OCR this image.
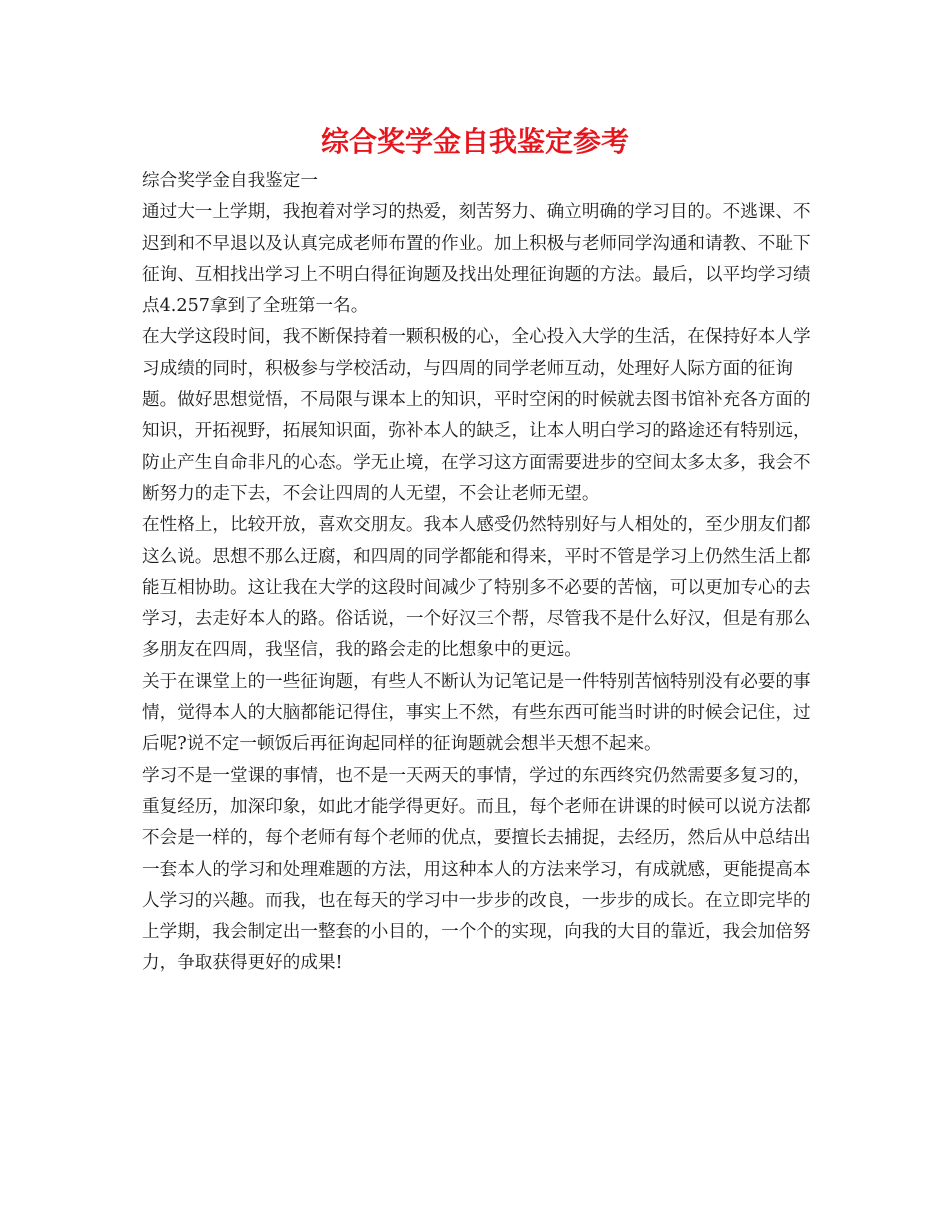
综合奖学金自我鉴定参考

综合奖学金自我鉴定一

通过大一上学期，我抱着对学习的热爱，刻苦努力、确立明确的学习目的。不逃课、不迟到和不早退以及认真完成老师布置的作业。加上积极与老师同学沟通和请教、不耻下征询、互相找出学习上不明白得征询题及找出处理征询题的方法。最后，以平均学习绩点4.257拿到了全班第一名。

在大学这段时间，我不断保持着一颗积极的心，全心投入大学的生活，在保持好本人学习成绩的同时，积极参与学校活动，与四周的同学老师互动，处理好人际方面的征询题。做好思想觉悟，不局限与课本上的知识，平时空闲的时候就去图书馆补充各方面的知识，开拓视野，拓展知识面，弥补本人的缺乏，让本人明白学习的路途还有特别远，防止产生自命非凡的心态。学无止境，在学习这方面需要进步的空间太多太多，我会不断努力的走下去，不会让四周的人无望，不会让老师无望。

在性格上，比较开放，喜欢交朋友。我本人感受仍然特别好与人相处的，至少朋友们都这么说。思想不那么迂腐，和四周的同学都能和得来，平时不管是学习上仍然生活上都能互相协助。这让我在大学的这段时间减少了特别多不必要的苦恼，可以更加专心的去学习，去走好本人的路。俗话说，一个好汉三个帮，尽管我不是什么好汉，但是有那么多朋友在四周，我坚信，我的路会走的比想象中的更远。

关于在课堂上的一些征询题，有些人不断认为记笔记是一件特别苦恼特别没有必要的事情，觉得本人的大脑都能记得住，事实上不然，有些东西可能当时讲的时候会记住，过后呢?说不定一顿饭后再征询起同样的征询题就会想半天想不起来。

学习不是一堂课的事情，也不是一天两天的事情，学过的东西终究仍然需要多复习的，重复经历，加深印象，如此才能学得更好。而且，每个老师在讲课的时候可以说方法都不会是一样的，每个老师有每个老师的优点，要擅长去捕捉，去经历，然后从中总结出一套本人的学习和处理难题的方法，用这种本人的方法来学习，有成就感，更能提高本人学习的兴趣。而我，也在每天的学习中一步步的改良，一步步的成长。在立即完毕的上学期，我会制定出一整套的小目的，一个个的实现，向我的大目的靠近，我会加倍努力，争取获得更好的成果!
